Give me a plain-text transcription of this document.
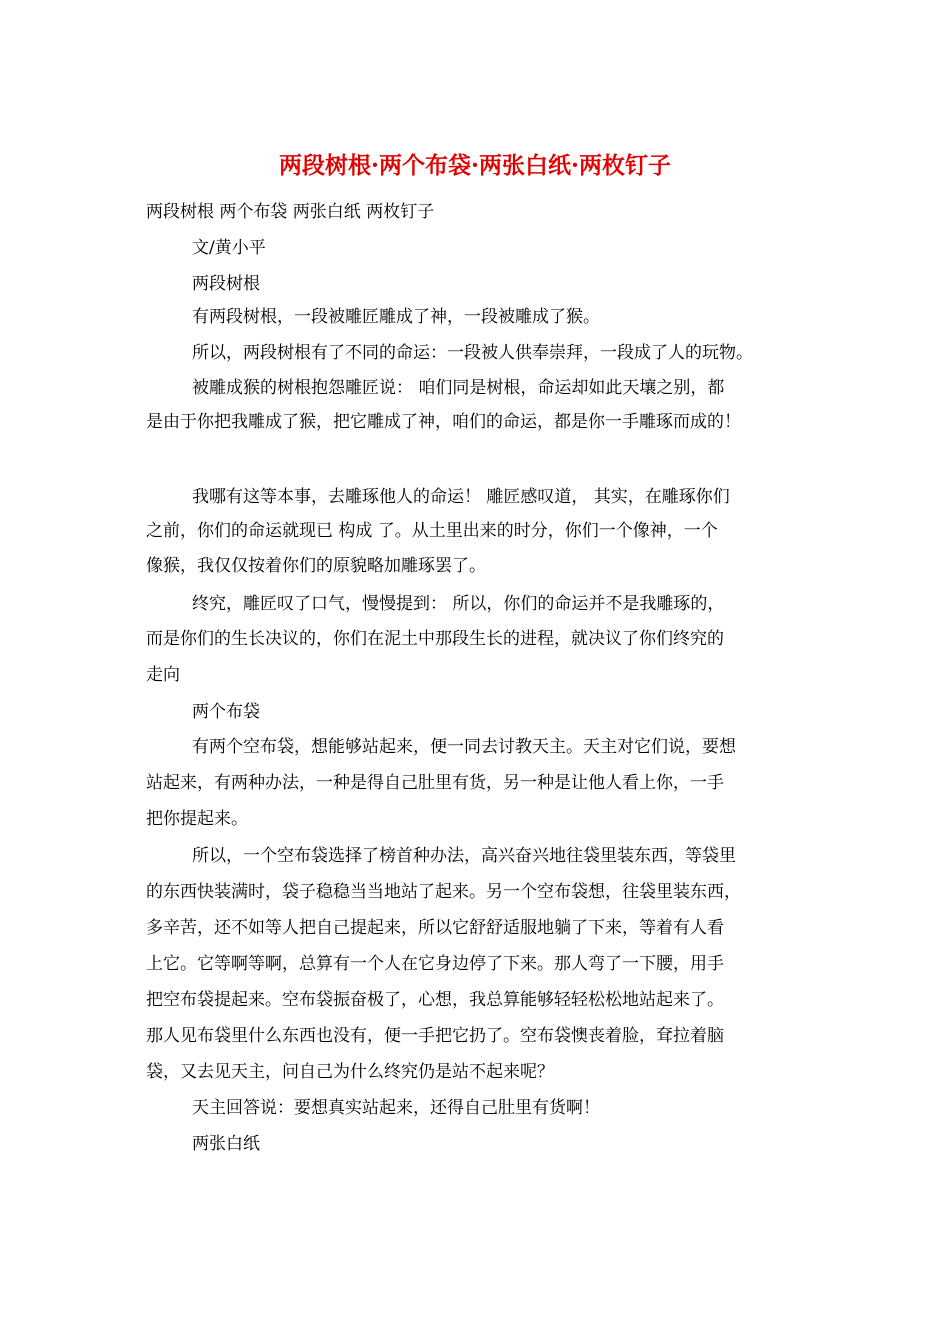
两段树根·两个布袋·两张白纸·两枚钉子
两段树根 两个布袋 两张白纸 两枚钉子
文/黄小平
两段树根
有两段树根，一段被雕匠雕成了神，一段被雕成了猴。
所以，两段树根有了不同的命运：一段被人供奉崇拜，一段成了人的玩物。
被雕成猴的树根抱怨雕匠说： 咱们同是树根，命运却如此天壤之别，都
是由于你把我雕成了猴，把它雕成了神，咱们的命运，都是你一手雕琢而成的！
我哪有这等本事，去雕琢他人的命运！ 雕匠感叹道， 其实，在雕琢你们
之前，你们的命运就现已 构成 了。从土里出来的时分，你们一个像神，一个
像猴，我仅仅按着你们的原貌略加雕琢罢了。
终究，雕匠叹了口气，慢慢提到： 所以，你们的命运并不是我雕琢的，
而是你们的生长决议的，你们在泥土中那段生长的进程，就决议了你们终究的
走向
两个布袋
有两个空布袋，想能够站起来，便一同去讨教天主。天主对它们说，要想
站起来，有两种办法，一种是得自己肚里有货，另一种是让他人看上你，一手
把你提起来。
所以，一个空布袋选择了榜首种办法，高兴奋兴地往袋里装东西，等袋里
的东西快装满时，袋子稳稳当当地站了起来。另一个空布袋想，往袋里装东西，
多辛苦，还不如等人把自己提起来，所以它舒舒适服地躺了下来，等着有人看
上它。它等啊等啊，总算有一个人在它身边停了下来。那人弯了一下腰，用手
把空布袋提起来。空布袋振奋极了，心想，我总算能够轻轻松松地站起来了。
那人见布袋里什么东西也没有，便一手把它扔了。空布袋懊丧着脸，耷拉着脑
袋，又去见天主，问自己为什么终究仍是站不起来呢？
天主回答说：要想真实站起来，还得自己肚里有货啊！
两张白纸
